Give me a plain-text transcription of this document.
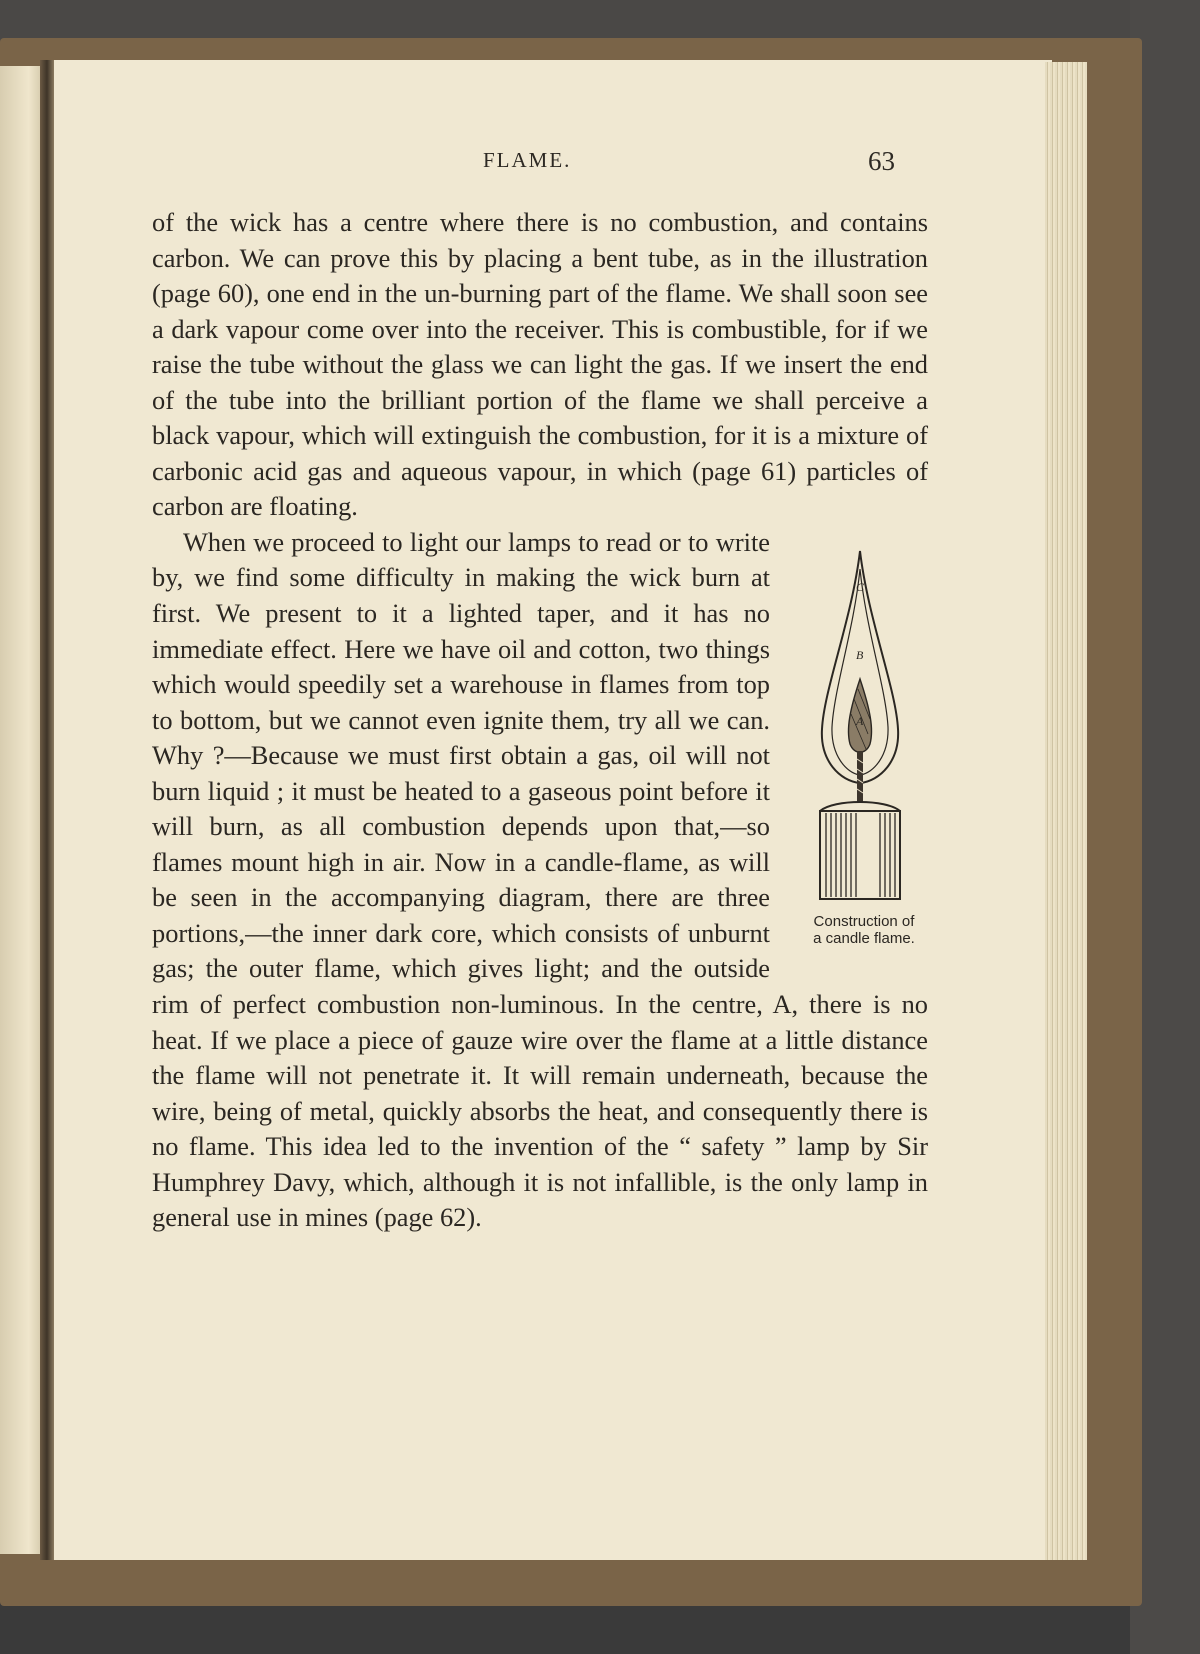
FLAME.	63

of the wick has a centre where there is no combustion, and contains carbon. We can prove this by placing a bent tube, as in the illustration (page 60), one end in the un-burning part of the flame. We shall soon see a dark vapour come over into the receiver. This is combustible, for if we raise the tube without the glass we can light the gas. If we insert the end of the tube into the brilliant portion of the flame we shall perceive a black vapour, which will extinguish the combustion, for it is a mixture of carbonic acid gas and aqueous vapour, in which (page 61) particles of carbon are floating.

C
B
A
Construction of
a candle flame.

When we proceed to light our lamps to read or to write by, we find some difficulty in making the wick burn at first. We present to it a lighted taper, and it has no immediate effect. Here we have oil and cotton, two things which would speedily set a warehouse in flames from top to bottom, but we cannot even ignite them, try all we can. Why ?—Because we must first obtain a gas, oil will not burn liquid ; it must be heated to a gaseous point before it will burn, as all combustion depends upon that,—so flames mount high in air. Now in a candle-flame, as will be seen in the accompanying diagram, there are three portions,—the inner dark core, which consists of unburnt gas; the outer flame, which gives light; and the outside rim of perfect combustion non-luminous. In the centre, A, there is no heat. If we place a piece of gauze wire over the flame at a little distance the flame will not penetrate it. It will remain underneath, because the wire, being of metal, quickly absorbs the heat, and consequently there is no flame. This idea led to the invention of the “ safety ” lamp by Sir Humphrey Davy, which, although it is not infallible, is the only lamp in general use in mines (page 62).
